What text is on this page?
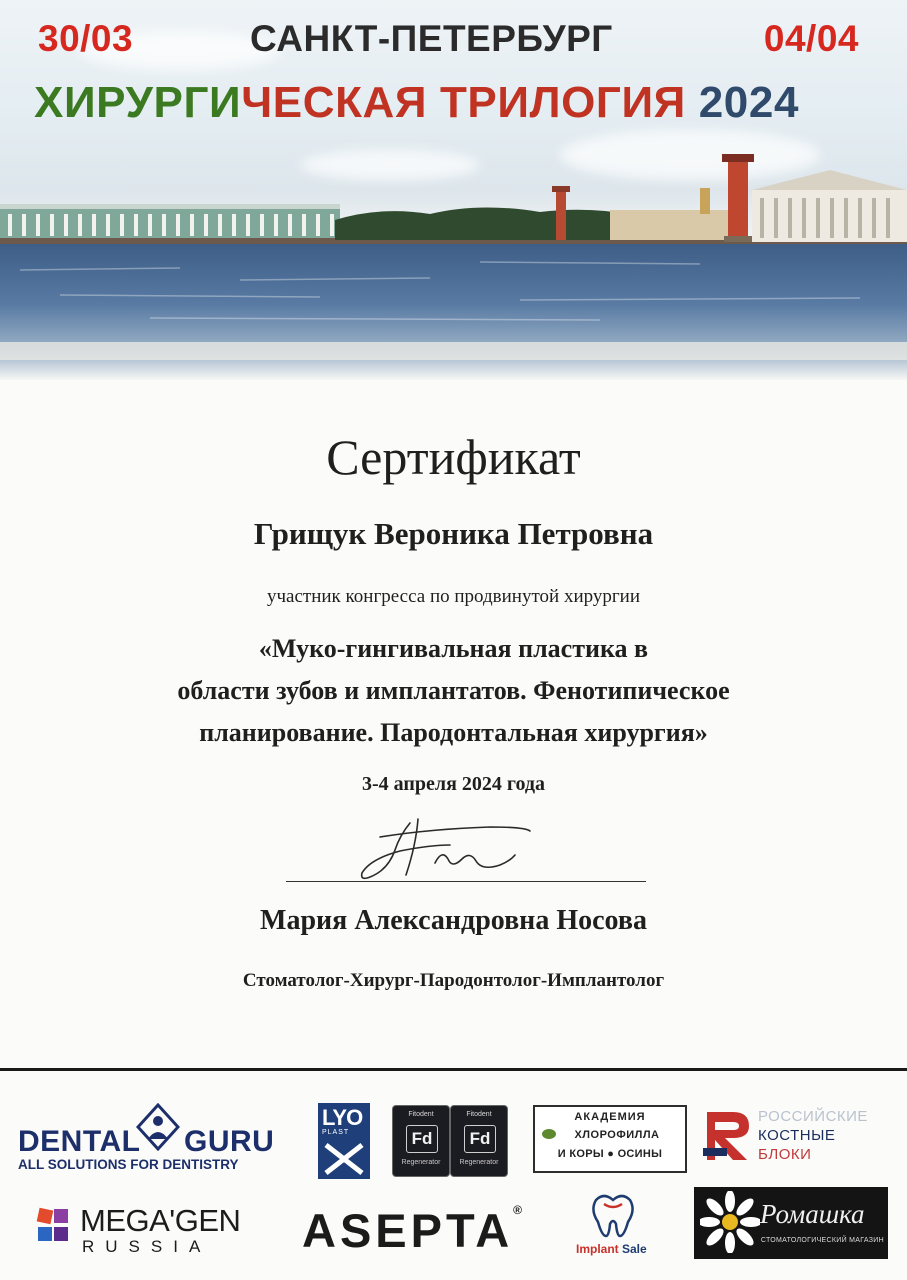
30/03	САНКТ-ПЕТЕРБУРГ	04/04
ХИРУРГИЧЕСКАЯ ТРИЛОГИЯ 2024
Сертификат
Грищук Вероника Петровна
участник конгресса по продвинутой хирургии
«Муко-гингивальная пластика в
области зубов и имплантатов. Фенотипическое
планирование. Пародонтальная хирургия»
3-4 апреля 2024 года
Мария Александровна Носова
Стоматолог-Хирург-Пародонтолог-Имплантолог
DENTAL GURU
ALL SOLUTIONS FOR DENTISTRY
LYO
PLAST
Fitodent
Fd
Regenerator
Fitodent
Fd
Regenerator
АКАДЕМИЯ
ХЛОРОФИЛЛА
И КОРЫ ● ОСИНЫ
РОССИЙСКИЕ
КОСТНЫЕ
БЛОКИ
MEGA'GEN
RUSSIA ASEPTA®
Implant Sale
Ромашка
СТОМАТОЛОГИЧЕСКИЙ МАГАЗИН
